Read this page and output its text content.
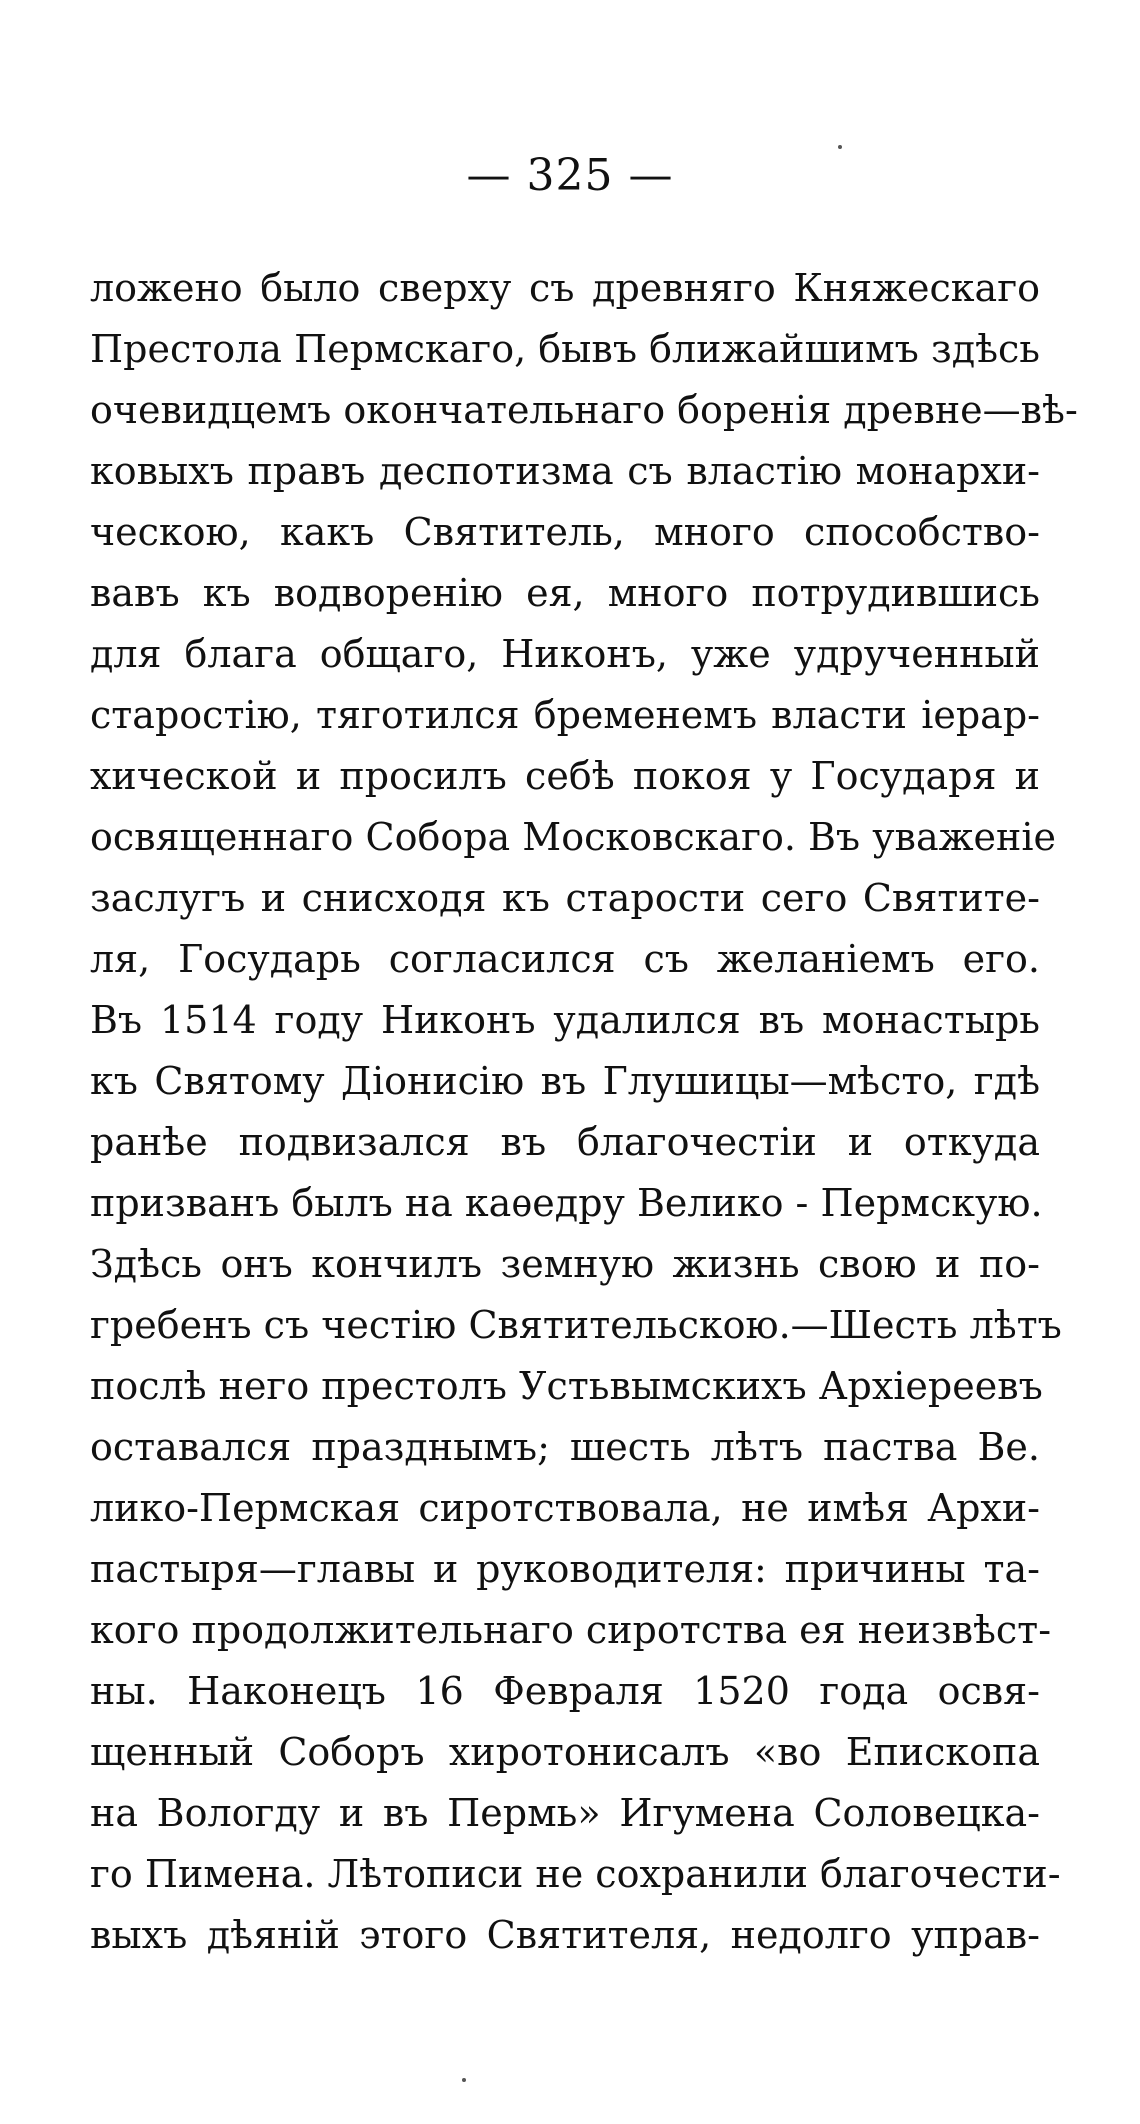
— 325 —
ложено было сверху съ древняго Княжескаго
Престола Пермскаго, бывъ ближайшимъ здѣсь
очевидцемъ окончательнаго боренія древне—вѣ-
ковыхъ правъ деспотизма съ властію монархи-
ческою, какъ Святитель, много способство-
вавъ къ водворенію ея, много потрудившись
для блага общаго, Никонъ, уже удрученный
старостію, тяготился бременемъ власти іерар-
хической и просилъ себѣ покоя у Государя и
освященнаго Собора Московскаго. Въ уваженіе
заслугъ и снисходя къ старости сего Святите-
ля, Государь согласился съ желаніемъ его.
Въ 1514 году Никонъ удалился въ монастырь
къ Святому Діонисію въ Глушицы—мѣсто, гдѣ
ранѣе подвизался въ благочестіи и откуда
призванъ былъ на каѳедру Велико - Пермскую.
Здѣсь онъ кончилъ земную жизнь свою и по-
гребенъ съ честію Святительскою.—Шесть лѣтъ
послѣ него престолъ Устьвымскихъ Архіереевъ
оставался празднымъ; шесть лѣтъ паства Ве.
лико-Пермская сиротствовала, не имѣя Архи-
пастыря—главы и руководителя: причины та-
кого продолжительнаго сиротства ея неизвѣст-
ны. Наконецъ 16 Февраля 1520 года освя-
щенный Соборъ хиротонисалъ «во Епископа
на Вологду и въ Пермь» Игумена Соловецка-
го Пимена. Лѣтописи не сохранили благочести-
выхъ дѣяній этого Святителя, недолго управ-
